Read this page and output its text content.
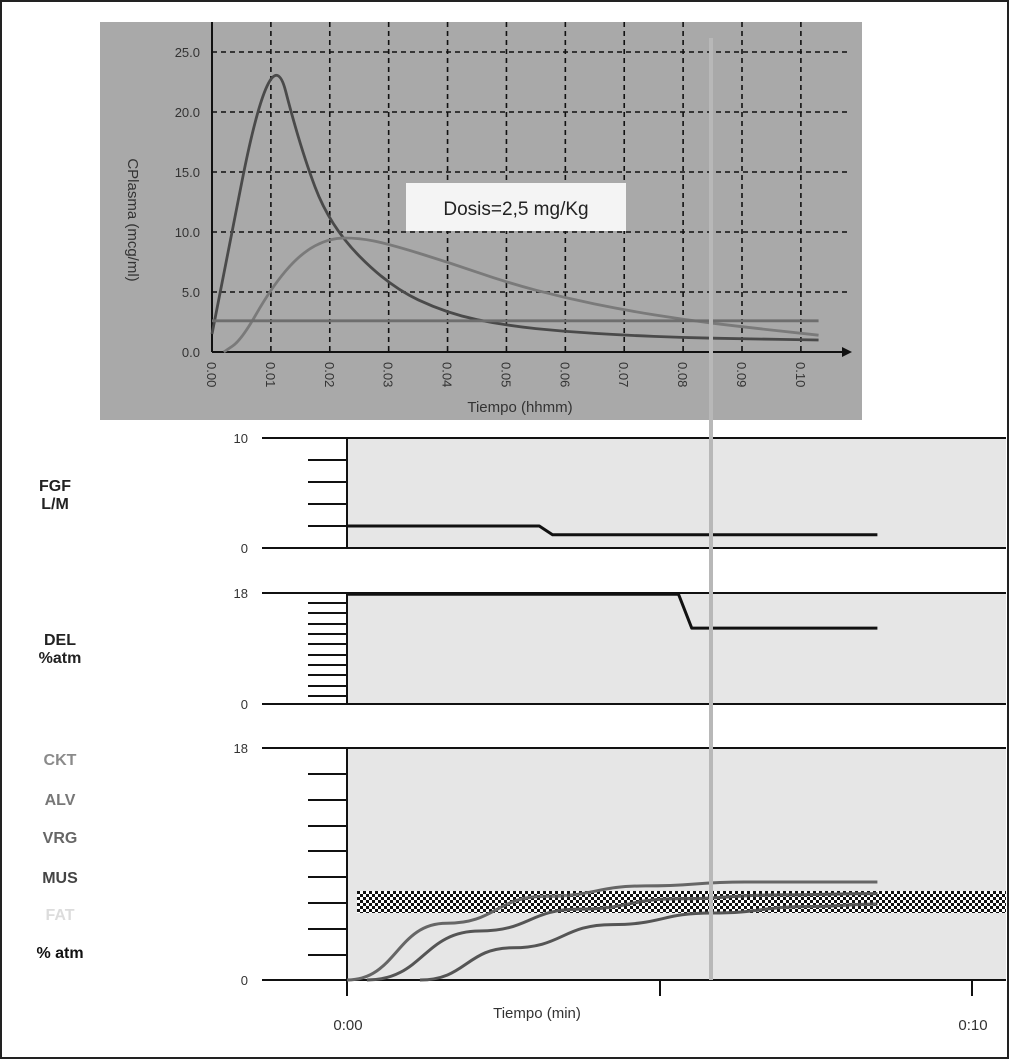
0.0
5.0
10.0
15.0
20.0
25.0
0.00	0.01	0.02	0.03	0.04	0.05	0.06	0.07	0.08	0.09	0.10
Tiempo (hhmm)
CPlasma (mcg/ml)	Dosis=2,5 mg/Kg
10
0
FGF
L/M
18
0
DEL
%atm
18
0
CKT
ALV
VRG
MUS
FAT
% atm
Tiempo (min)
0:00	0:10
